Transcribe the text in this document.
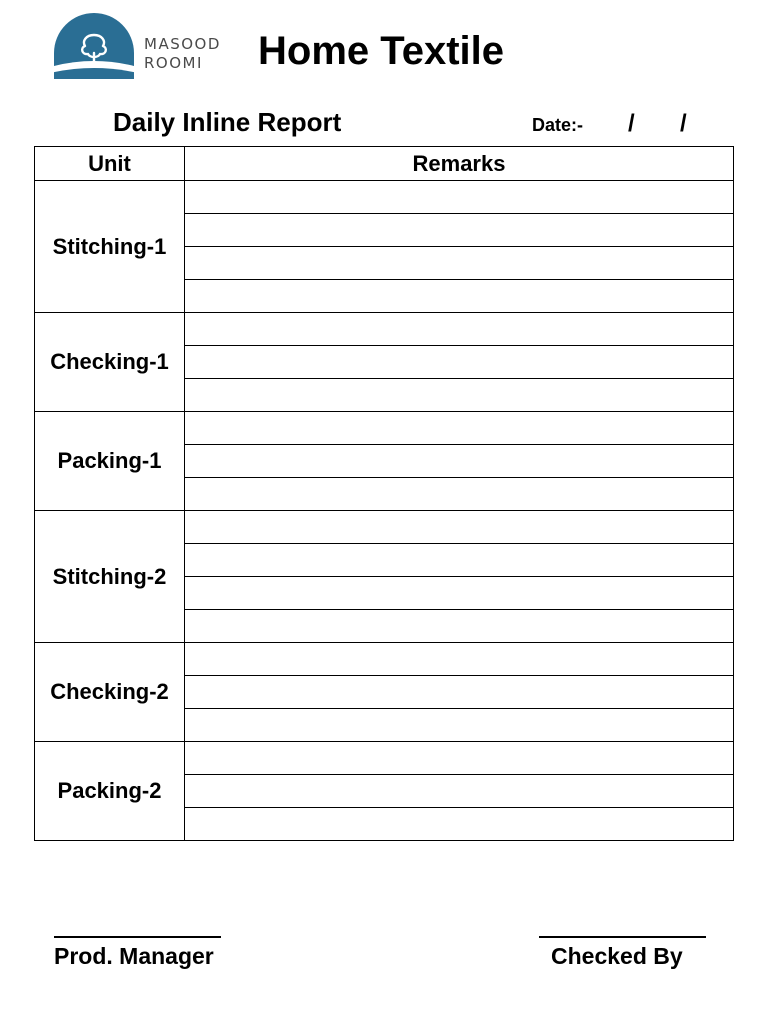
MASOOD
ROOMI	Home Textile
Daily Inline Report	Date:- / /
Unit	Remarks
Stitching-1	

Checking-1	

Packing-1	

Stitching-2	

Checking-2	

Packing-2	

Prod. Manager	Checked By
